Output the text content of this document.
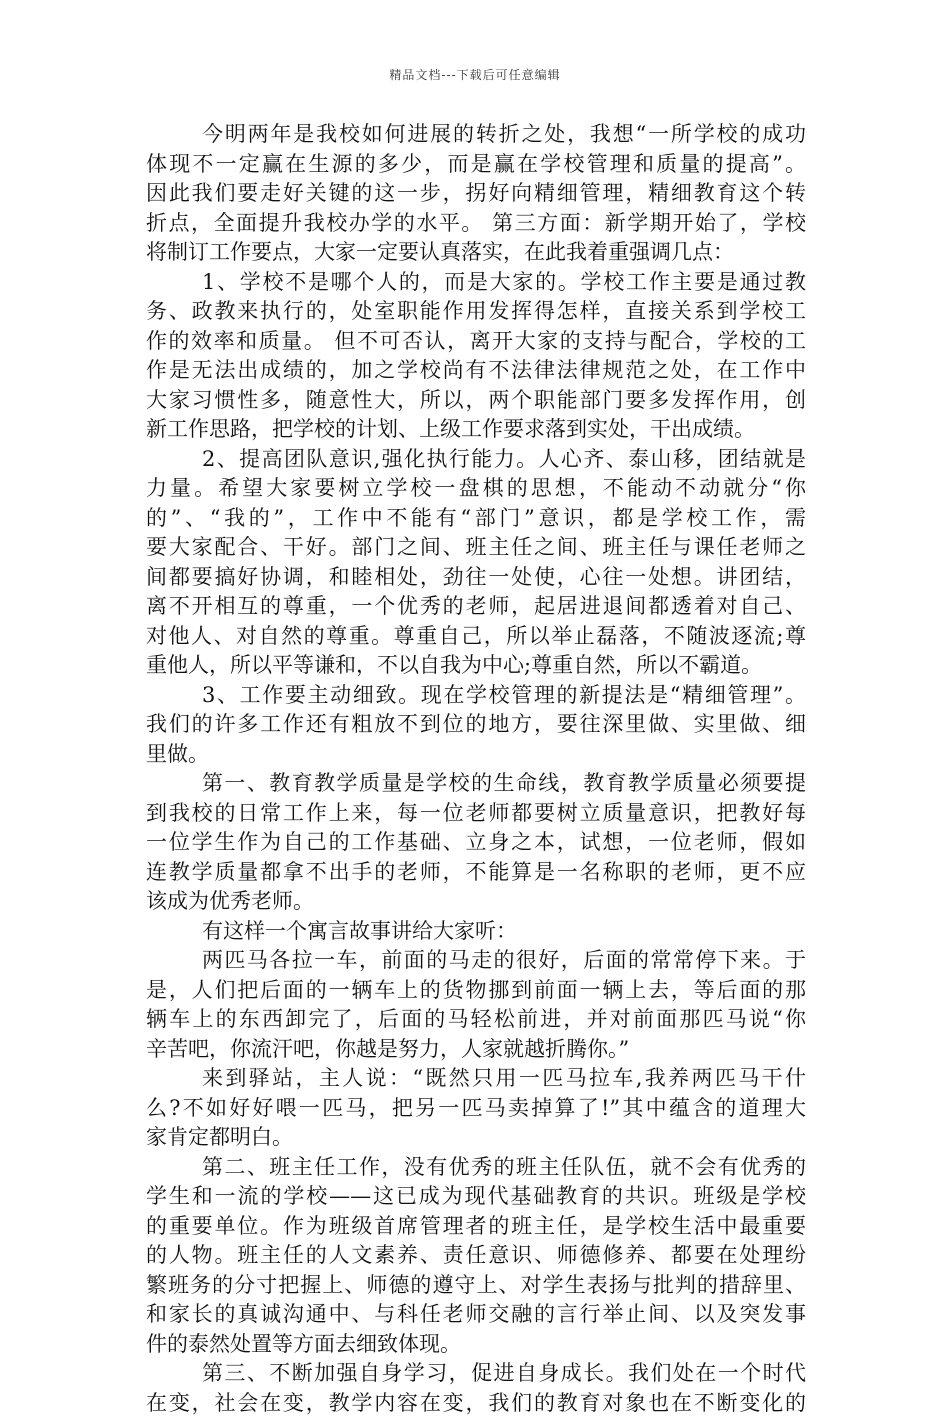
精品文档---下载后可任意编辑
今明两年是我校如何进展的转折之处，我想“一所学校的成功
体现不一定赢在生源的多少，而是赢在学校管理和质量的提高”。
因此我们要走好关键的这一步，拐好向精细管理，精细教育这个转
折点，全面提升我校办学的水平。 第三方面：新学期开始了，学校
将制订工作要点，大家一定要认真落实，在此我着重强调几点：
1、学校不是哪个人的，而是大家的。学校工作主要是通过教
务、政教来执行的，处室职能作用发挥得怎样，直接关系到学校工
作的效率和质量。 但不可否认，离开大家的支持与配合，学校的工
作是无法出成绩的，加之学校尚有不法律法律规范之处，在工作中
大家习惯性多，随意性大，所以，两个职能部门要多发挥作用，创
新工作思路，把学校的计划、上级工作要求落到实处，干出成绩。
2、提高团队意识,强化执行能力。人心齐、泰山移，团结就是
力量。希望大家要树立学校一盘棋的思想，不能动不动就分“你
的”、“我的”，工作中不能有“部门”意识，都是学校工作，需
要大家配合、干好。部门之间、班主任之间、班主任与课任老师之
间都要搞好协调，和睦相处，劲往一处使，心往一处想。讲团结，
离不开相互的尊重，一个优秀的老师，起居进退间都透着对自己、
对他人、对自然的尊重。尊重自己，所以举止磊落，不随波逐流;尊
重他人，所以平等谦和，不以自我为中心;尊重自然，所以不霸道。
3、工作要主动细致。现在学校管理的新提法是“精细管理”。
我们的许多工作还有粗放不到位的地方，要往深里做、实里做、细
里做。
第一、教育教学质量是学校的生命线，教育教学质量必须要提
到我校的日常工作上来，每一位老师都要树立质量意识，把教好每
一位学生作为自己的工作基础、立身之本，试想，一位老师，假如
连教学质量都拿不出手的老师，不能算是一名称职的老师，更不应
该成为优秀老师。
有这样一个寓言故事讲给大家听：
两匹马各拉一车，前面的马走的很好，后面的常常停下来。于
是，人们把后面的一辆车上的货物挪到前面一辆上去，等后面的那
辆车上的东西卸完了，后面的马轻松前进，并对前面那匹马说“你
辛苦吧，你流汗吧，你越是努力，人家就越折腾你。”
来到驿站，主人说：“既然只用一匹马拉车,我养两匹马干什
么?不如好好喂一匹马，把另一匹马卖掉算了!”其中蕴含的道理大
家肯定都明白。
第二、班主任工作，没有优秀的班主任队伍，就不会有优秀的
学生和一流的学校——这已成为现代基础教育的共识。班级是学校
的重要单位。作为班级首席管理者的班主任，是学校生活中最重要
的人物。班主任的人文素养、责任意识、师德修养、都要在处理纷
繁班务的分寸把握上、师德的遵守上、对学生表扬与批判的措辞里、
和家长的真诚沟通中、与科任老师交融的言行举止间、以及突发事
件的泰然处置等方面去细致体现。
第三、不断加强自身学习，促进自身成长。我们处在一个时代
在变，社会在变，教学内容在变，我们的教育对象也在不断变化的
